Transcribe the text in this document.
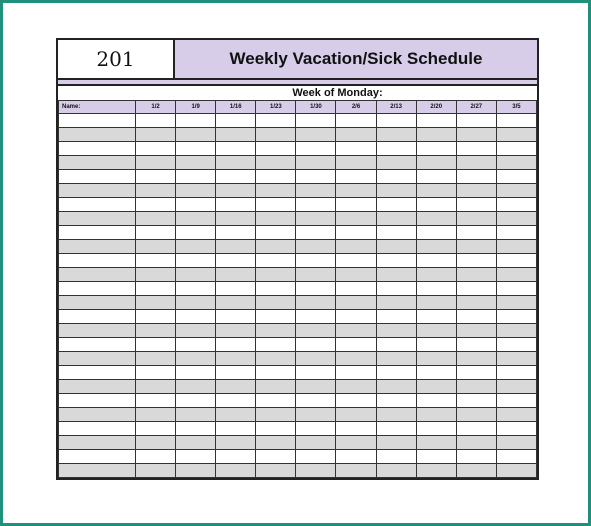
201	Weekly Vacation/Sick Schedule
Week of Monday:
Name:	1/2	1/9	1/16	1/23	1/30	2/6	2/13	2/20	2/27	3/5
